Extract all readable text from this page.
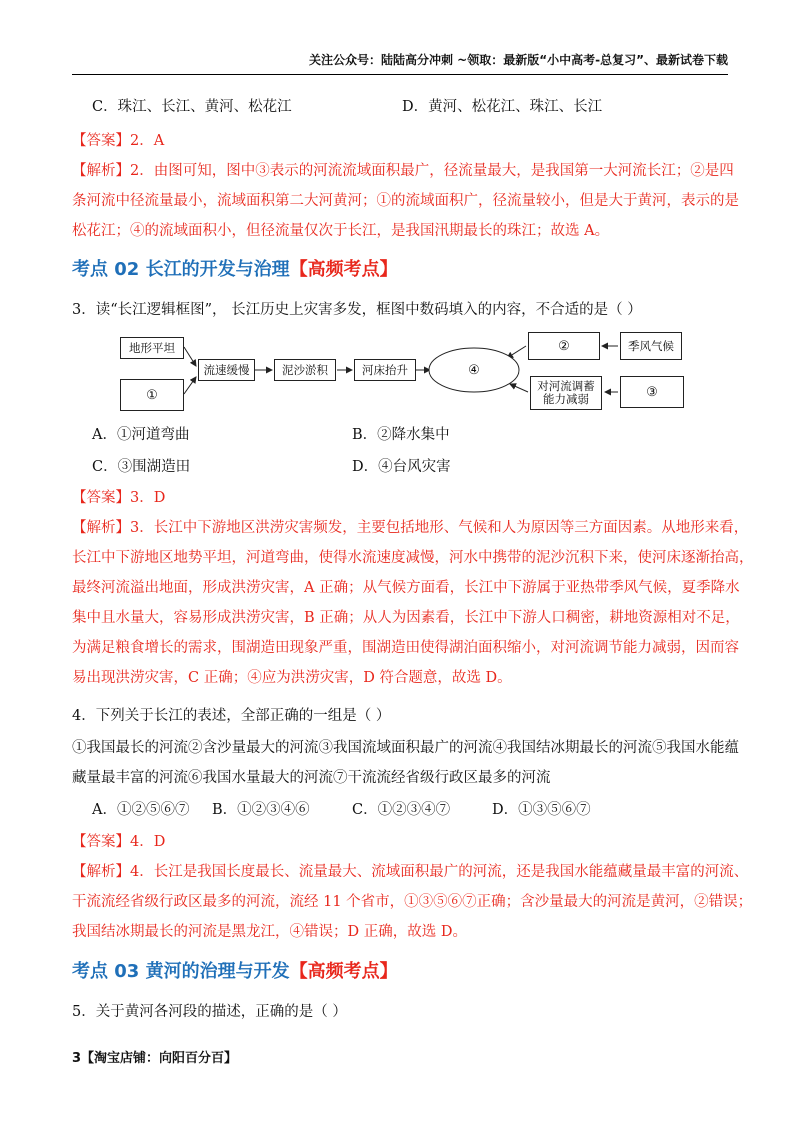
关注公众号：陆陆高分冲刺 ~领取：最新版“小中高考-总复习”、最新试卷下载
C．珠江、长江、黄河、松花江	D．黄河、松花江、珠江、长江
【答案】2．A
【解析】2．由图可知，图中③表示的河流流域面积最广，径流量最大，是我国第一大河流长江；②是四
条河流中径流量最小，流域面积第二大河黄河；①的流域面积广，径流量较小，但是大于黄河，表示的是
松花江；④的流域面积小，但径流量仅次于长江，是我国汛期最长的珠江；故选 A。
考点 02 长江的开发与治理【高频考点】
3．读“长江逻辑框图”， 长江历史上灾害多发，框图中数码填入的内容，不合适的是（ ）
地形平坦
①
流速缓慢	泥沙淤积	河床抬升	④
②	季风气候
对河流调蓄能力减弱	③
A．①河道弯曲	B．②降水集中
C．③围湖造田	D．④台风灾害
【答案】3．D
【解析】3．长江中下游地区洪涝灾害频发，主要包括地形、气候和人为原因等三方面因素。从地形来看，
长江中下游地区地势平坦，河道弯曲，使得水流速度减慢，河水中携带的泥沙沉积下来，使河床逐渐抬高，
最终河流溢出地面，形成洪涝灾害，A 正确；从气候方面看，长江中下游属于亚热带季风气候，夏季降水
集中且水量大，容易形成洪涝灾害，B 正确；从人为因素看，长江中下游人口稠密，耕地资源相对不足，
为满足粮食增长的需求，围湖造田现象严重，围湖造田使得湖泊面积缩小，对河流调节能力减弱，因而容
易出现洪涝灾害，C 正确；④应为洪涝灾害，D 符合题意，故选 D。
4．下列关于长江的表述，全部正确的一组是（ ）
①我国最长的河流②含沙量最大的河流③我国流域面积最广的河流④我国结冰期最长的河流⑤我国水能蕴
藏量最丰富的河流⑥我国水量最大的河流⑦干流流经省级行政区最多的河流
A．①②⑤⑥⑦ B．①②③④⑥	C．①②③④⑦	D．①③⑤⑥⑦
【答案】4．D
【解析】4．长江是我国长度最长、流量最大、流域面积最广的河流，还是我国水能蕴藏量最丰富的河流、
干流流经省级行政区最多的河流，流经 11 个省市，①③⑤⑥⑦正确；含沙量最大的河流是黄河，②错误；
我国结冰期最长的河流是黑龙江，④错误；D 正确，故选 D。
考点 03 黄河的治理与开发【高频考点】
5．关于黄河各河段的描述，正确的是（ ）
3【淘宝店铺：向阳百分百】
